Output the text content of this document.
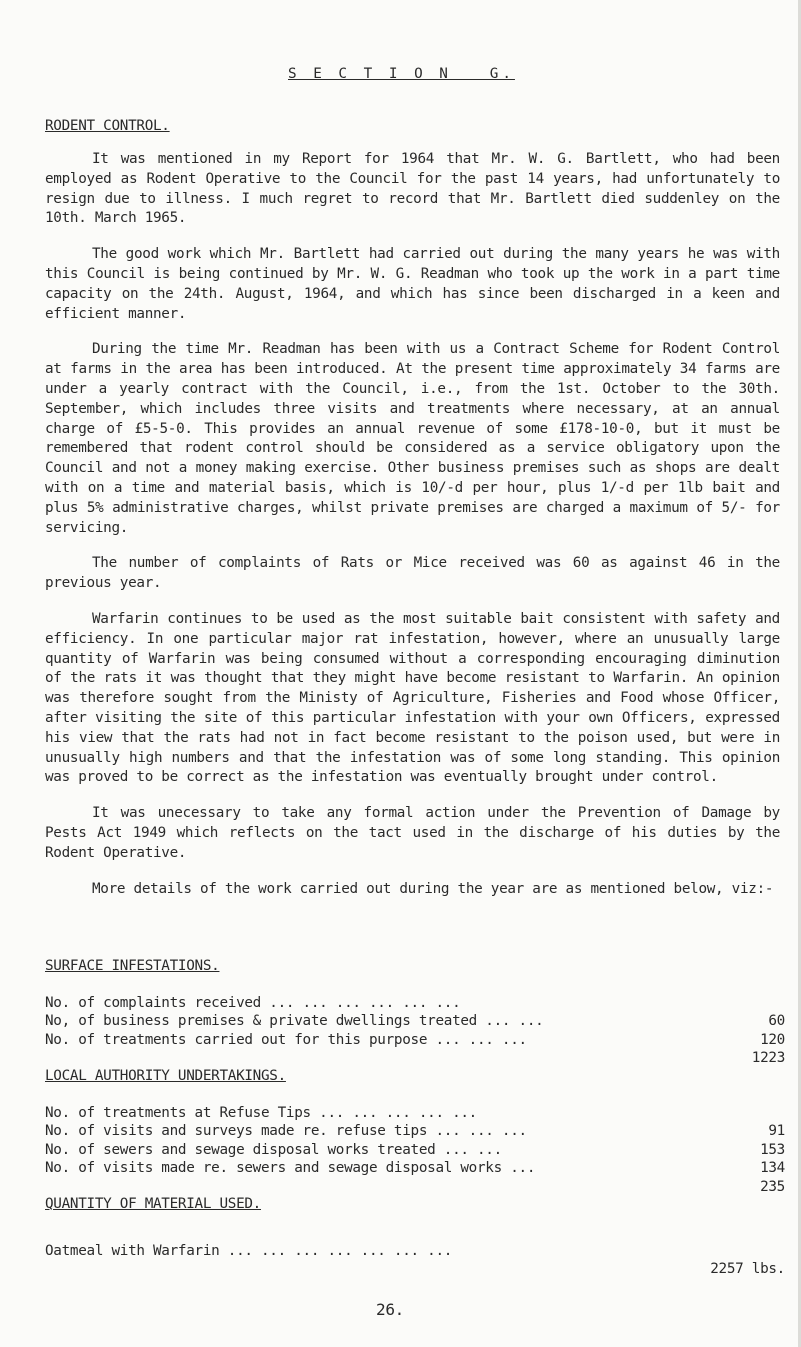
S E C T I O N   G.
RODENT CONTROL.

It was mentioned in my Report for 1964 that Mr. W. G. Bartlett, who had been employed as Rodent Operative to the Council for the past 14 years, had unfortunately to resign due to illness. I much regret to record that Mr. Bartlett died suddenley on the 10th. March 1965.

The good work which Mr. Bartlett had carried out during the many years he was with this Council is being continued by Mr. W. G. Readman who took up the work in a part time capacity on the 24th. August, 1964, and which has since been discharged in a keen and efficient manner.

During the time Mr. Readman has been with us a Contract Scheme for Rodent Control at farms in the area has been introduced. At the present time approximately 34 farms are under a yearly contract with the Council, i.e., from the 1st. October to the 30th. September, which includes three visits and treatments where necessary, at an annual charge of £5-5-0. This provides an annual revenue of some £178-10-0, but it must be remembered that rodent control should be considered as a service obligatory upon the Council and not a money making exercise. Other business premises such as shops are dealt with on a time and material basis, which is 10/-d per hour, plus 1/-d per 1lb bait and plus 5% administrative charges, whilst private premises are charged a maximum of 5/- for servicing.

The number of complaints of Rats or Mice received was 60 as against 46 in the previous year.

Warfarin continues to be used as the most suitable bait consistent with safety and efficiency. In one particular major rat infestation, however, where an unusually large quantity of Warfarin was being consumed without a corresponding encouraging diminution of the rats it was thought that they might have become resistant to Warfarin. An opinion was therefore sought from the Ministy of Agriculture, Fisheries and Food whose Officer, after visiting the site of this particular infestation with your own Officers, expressed his view that the rats had not in fact become resistant to the poison used, but were in unusually high numbers and that the infestation was of some long standing. This opinion was proved to be correct as the infestation was eventually brought under control.

It was unecessary to take any formal action under the Prevention of Damage by Pests Act 1949 which reflects on the tact used in the discharge of his duties by the Rodent Operative.

More details of the work carried out during the year are as mentioned below, viz:-

SURFACE INFESTATIONS.

No. of complaints received ... ... ... ... ... ...

60

No, of business premises & private dwellings treated ... ...

120

No. of treatments carried out for this purpose ... ... ...

1223

LOCAL AUTHORITY UNDERTAKINGS.

No. of treatments at Refuse Tips ... ... ... ... ...

91

No. of visits and surveys made re. refuse tips ... ... ...

153

No. of sewers and sewage disposal works treated ... ...

134

No. of visits made re. sewers and sewage disposal works ...

235

QUANTITY OF MATERIAL USED.

Oatmeal with Warfarin ... ... ... ... ... ... ...

2257 lbs.

26.
